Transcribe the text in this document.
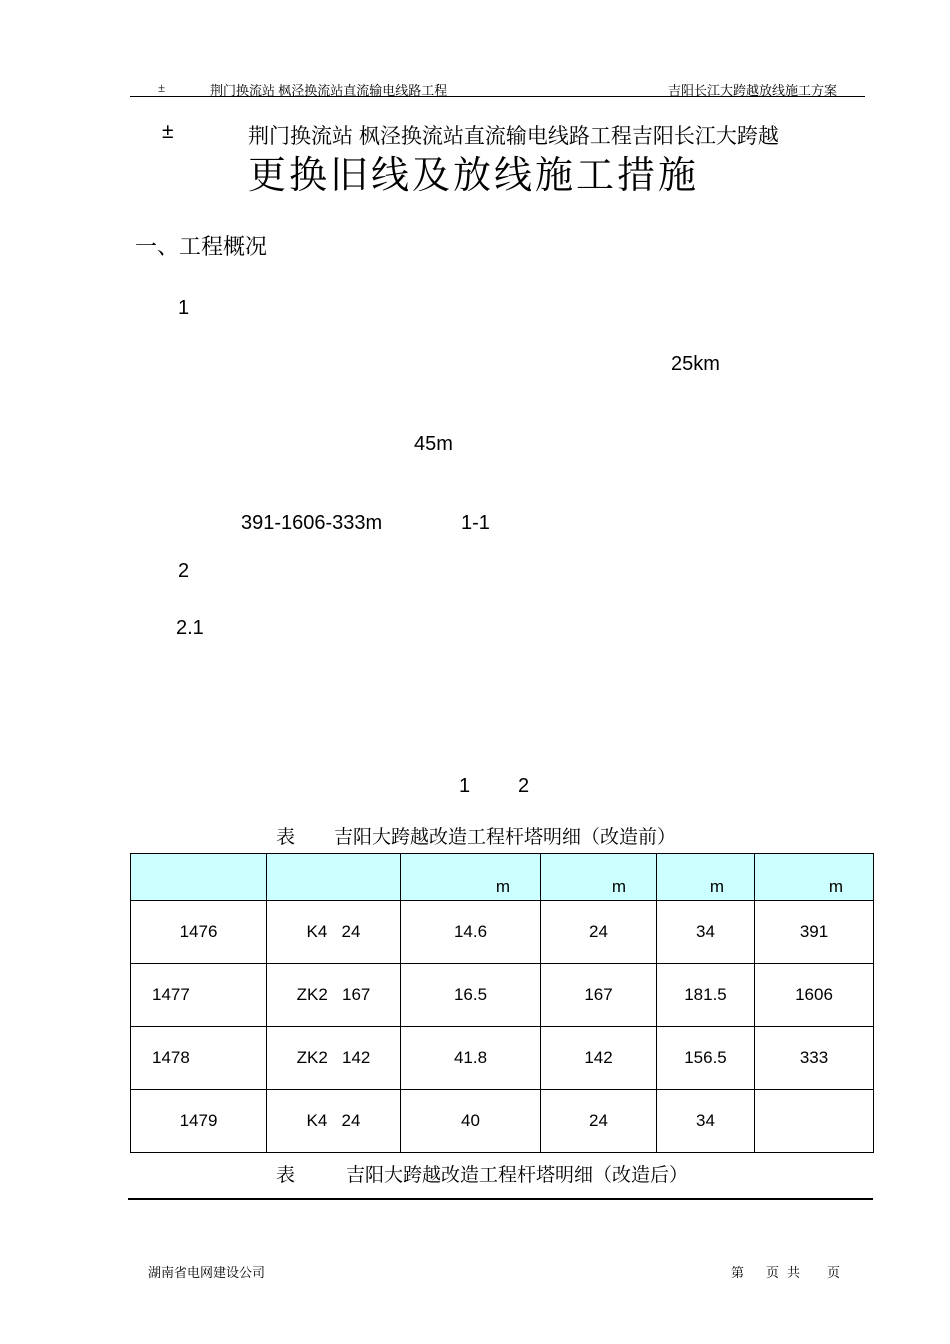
±	荆门换流站 枫泾换流站直流输电线路工程	吉阳长江大跨越放线施工方案
±	荆门换流站 枫泾换流站直流输电线路工程吉阳长江大跨越
更换旧线及放线施工措施
一、工程概况
1
25km
45m
391-1606-333m	1-1
2
2.1
1 2
表 吉阳大跨越改造工程杆塔明细（改造前）
		m	m	m	m
1476	K4 24	14.6	24	34	391
1477	ZK2 167	16.5	167	181.5	1606
1478	ZK2 142	41.8	142	156.5	333
1479	K4 24	40	24	34	
表	吉阳大跨越改造工程杆塔明细（改造后）
湖南省电网建设公司	第 页 共 页
